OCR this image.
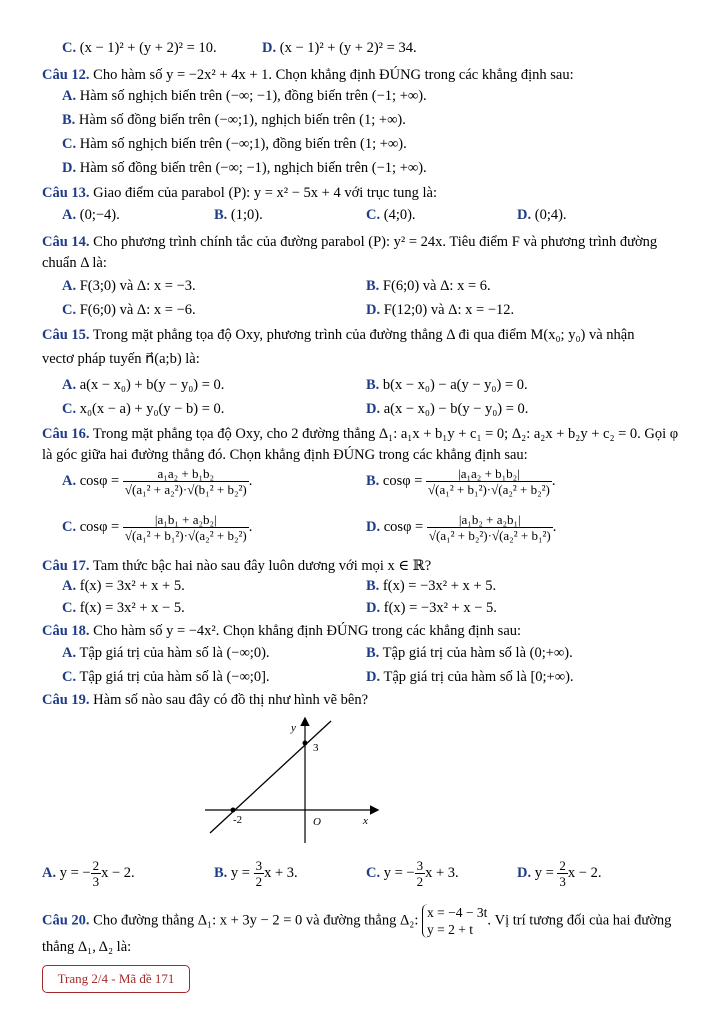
C. (x − 1)² + (y + 2)² = 10.	D. (x − 1)² + (y + 2)² = 34.
Câu 12. Cho hàm số y = −2x² + 4x + 1. Chọn khẳng định ĐÚNG trong các khẳng định sau:
A. Hàm số nghịch biến trên (−∞; −1), đồng biến trên (−1; +∞).
B. Hàm số đồng biến trên (−∞;1), nghịch biến trên (1; +∞).
C. Hàm số nghịch biến trên (−∞;1), đồng biến trên (1; +∞).
D. Hàm số đồng biến trên (−∞; −1), nghịch biến trên (−1; +∞).
Câu 13. Giao điểm của parabol (P): y = x² − 5x + 4 với trục tung là:
A. (0;−4).	B. (1;0).	C. (4;0).	D. (0;4).
Câu 14. Cho phương trình chính tắc của đường parabol (P): y² = 24x. Tiêu điểm F và phương trình đường
chuẩn Δ là:
A. F(3;0) và Δ: x = −3.	B. F(6;0) và Δ: x = 6.
C. F(6;0) và Δ: x = −6.	D. F(12;0) và Δ: x = −12.
Câu 15. Trong mặt phẳng tọa độ Oxy, phương trình của đường thẳng Δ đi qua điểm M(x₀; y₀) và nhận
vectơ pháp tuyến n⃗(a;b) là:
A. a(x − x₀) + b(y − y₀) = 0.	B. b(x − x₀) − a(y − y₀) = 0.
C. x₀(x − a) + y₀(y − b) = 0.	D. a(x − x₀) − b(y − y₀) = 0.
Câu 16. Trong mặt phẳng tọa độ Oxy, cho 2 đường thẳng Δ₁: a₁x + b₁y + c₁ = 0; Δ₂: a₂x + b₂y + c₂ = 0. Gọi φ
là góc giữa hai đường thẳng đó. Chọn khẳng định ĐÚNG trong các khẳng định sau:
A. $\cos\varphi = \frac{\text{a₁a₂ + b₁b₂}}{\text{√(a₁² + a₂²)·√(b₁² + b₂²)}}$ .	B. $\cos\varphi = \frac{\text{|a₁a₂ + b₁b₂|}}{\text{√(a₁² + b₁²)·√(a₂² + b₂²)}}$ .
C. $\cos\varphi = \frac{\text{|a₁b₁ + a₂b₂|}}{\text{√(a₁² + b₁²)·√(a₂² + b₂²)}}$ .	D. $\cos\varphi = \frac{\text{|a₁b₂ + a₂b₁|}}{\text{√(a₁² + b₂²)·√(a₂² + b₁²)}}$ .
Câu 17. Tam thức bậc hai nào sau đây luôn dương với mọi x ∈ ℝ?
A. f(x) = 3x² + x + 5.	B. f(x) = −3x² + x + 5.
C. f(x) = 3x² + x − 5.	D. f(x) = −3x² + x − 5.
Câu 18. Cho hàm số y = −4x². Chọn khẳng định ĐÚNG trong các khẳng định sau:
A. Tập giá trị của hàm số là (−∞;0).	B. Tập giá trị của hàm số là (0;+∞).
C. Tập giá trị của hàm số là (−∞;0].	D. Tập giá trị của hàm số là [0;+∞).
Câu 19. Hàm số nào sau đây có đồ thị như hình vẽ bên?
y
x
O
3
-2
A. y = − $\frac{2}{3}$ x − 2.	B. $y = \frac{3}{2}$ x + 3.	C. y = − $\frac{3}{2}$ x + 3.	D. $y = \frac{2}{3}$ x − 2.
Câu 20. Cho đường thẳng Δ₁: x + 3y − 2 = 0 và đường thẳng Δ₂: x = −4 − 3t
y = 2 + t
. Vị trí tương đối của hai đường
thẳng Δ₁, Δ₂ là:
Trang 2/4 - Mã đề 171
